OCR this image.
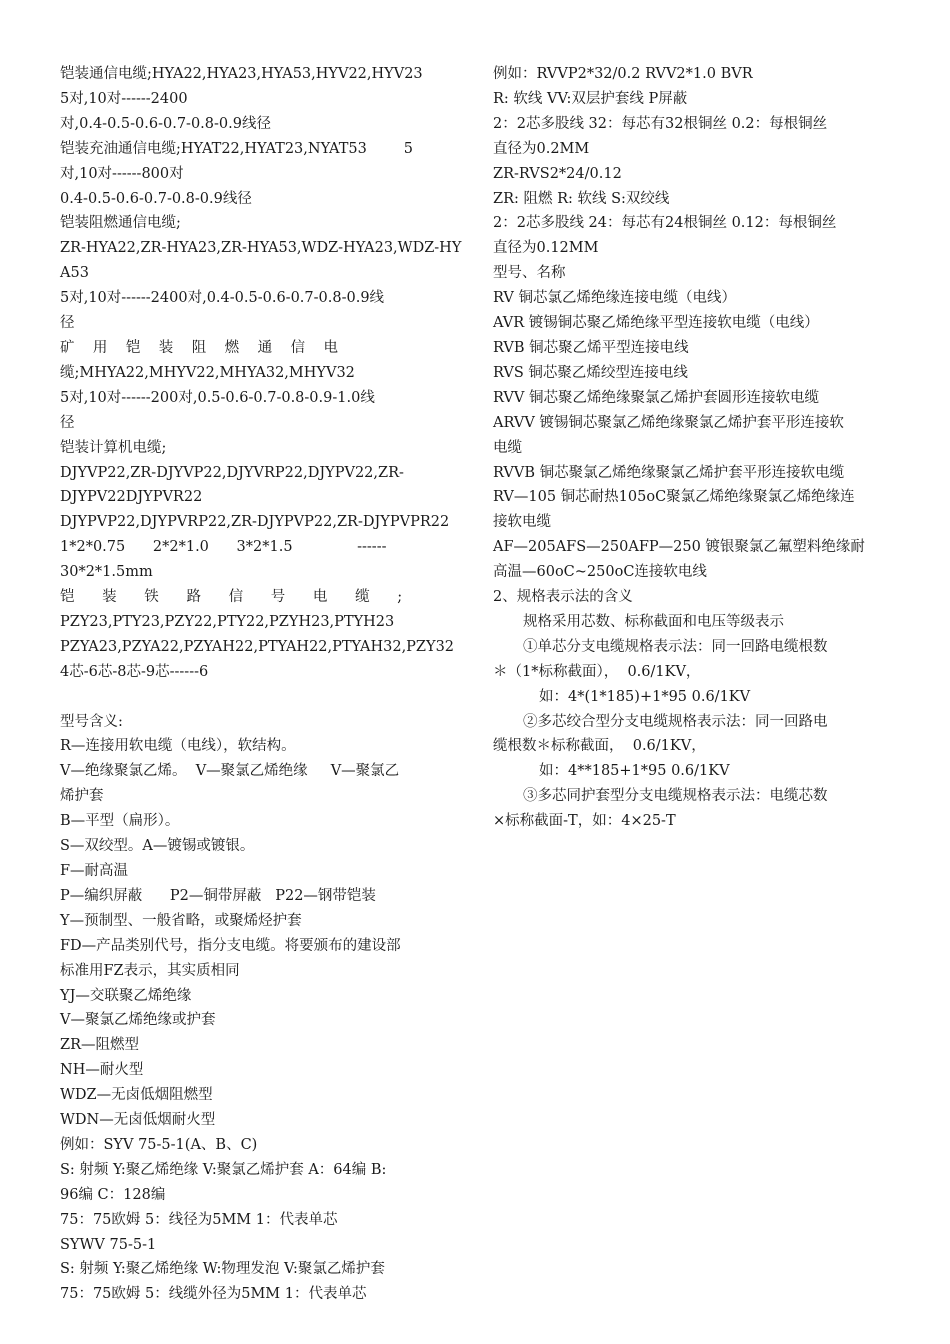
铠装通信电缆;HYA22,HYA23,HYA53,HYV22,HYV23
5对,10对------2400
对,0.4-0.5-0.6-0.7-0.8-0.9线径
铠装充油通信电缆;HYAT22,HYAT23,NYAT53        5
对,10对------800对
0.4-0.5-0.6-0.7-0.8-0.9线径
铠装阻燃通信电缆;
ZR-HYA22,ZR-HYA23,ZR-HYA53,WDZ-HYA23,WDZ-HYA53
5对,10对------2400对,0.4-0.5-0.6-0.7-0.8-0.9线
径
矿    用    铠    装    阻    燃    通    信    电
缆;MHYA22,MHYV22,MHYA32,MHYV32
5对,10对------200对,0.5-0.6-0.7-0.8-0.9-1.0线
径
铠装计算机电缆;
DJYVP22,ZR-DJYVP22,DJYVRP22,DJYPV22,ZR-
DJYPV22DJYPVR22
DJYPVP22,DJYPVRP22,ZR-DJYPVP22,ZR-DJYPVPR22
1*2*0.75      2*2*1.0      3*2*1.5              ------
30*2*1.5mm
铠      装      铁      路      信      号      电      缆      ;
PZY23,PTY23,PZY22,PTY22,PZYH23,PTYH23
PZYA23,PZYA22,PZYAH22,PTYAH22,PTYAH32,PZY32
4芯-6芯-8芯-9芯------6
型号含义:
R—连接用软电缆（电线），软结构。
V—绝缘聚氯乙烯。  V—聚氯乙烯绝缘     V—聚氯乙
烯护套
B—平型（扁形）。
S—双绞型。A—镀锡或镀银。
F—耐高温
P—编织屏蔽      P2—铜带屏蔽   P22—钢带铠装
Y—预制型、一般省略，或聚烯烃护套
FD—产品类别代号，指分支电缆。将要颁布的建设部
标准用FZ表示，其实质相同
YJ—交联聚乙烯绝缘
V—聚氯乙烯绝缘或护套
ZR—阻燃型
NH—耐火型
WDZ—无卤低烟阻燃型
WDN—无卤低烟耐火型
例如：SYV 75-5-1(A、B、C)
S: 射频 Y:聚乙烯绝缘 V:聚氯乙烯护套 A：64编 B:
96编 C：128编
75：75欧姆 5：线径为5MM 1：代表单芯
SYWV 75-5-1
S: 射频 Y:聚乙烯绝缘 W:物理发泡 V:聚氯乙烯护套
75：75欧姆 5：线缆外径为5MM 1：代表单芯
例如：RVVP2*32/0.2 RVV2*1.0 BVR
R: 软线 VV:双层护套线 P屏蔽
2：2芯多股线 32：每芯有32根铜丝 0.2：每根铜丝
直径为0.2MM
ZR-RVS2*24/0.12
ZR: 阻燃 R: 软线 S:双绞线
2：2芯多股线 24：每芯有24根铜丝 0.12：每根铜丝
直径为0.12MM
型号、名称
RV 铜芯氯乙烯绝缘连接电缆（电线）
AVR 镀锡铜芯聚乙烯绝缘平型连接软电缆（电线）
RVB 铜芯聚乙烯平型连接电线
RVS 铜芯聚乙烯绞型连接电线
RVV 铜芯聚乙烯绝缘聚氯乙烯护套圆形连接软电缆
ARVV 镀锡铜芯聚氯乙烯绝缘聚氯乙烯护套平形连接软
电缆
RVVB 铜芯聚氯乙烯绝缘聚氯乙烯护套平形连接软电缆
RV—105 铜芯耐热105oC聚氯乙烯绝缘聚氯乙烯绝缘连
接软电缆
AF—205AFS—250AFP—250 镀银聚氯乙氟塑料绝缘耐
高温—60oC~250oC连接软电线
2、规格表示法的含义
规格采用芯数、标称截面和电压等级表示
①单芯分支电缆规格表示法：同一回路电缆根数
＊（1*标称截面），  0.6/1KV，
如：4*(1*185)+1*95 0.6/1KV
②多芯绞合型分支电缆规格表示法：同一回路电
缆根数＊标称截面，  0.6/1KV，
如：4**185+1*95 0.6/1KV
③多芯同护套型分支电缆规格表示法：电缆芯数
×标称截面-T，如：4×25-T
